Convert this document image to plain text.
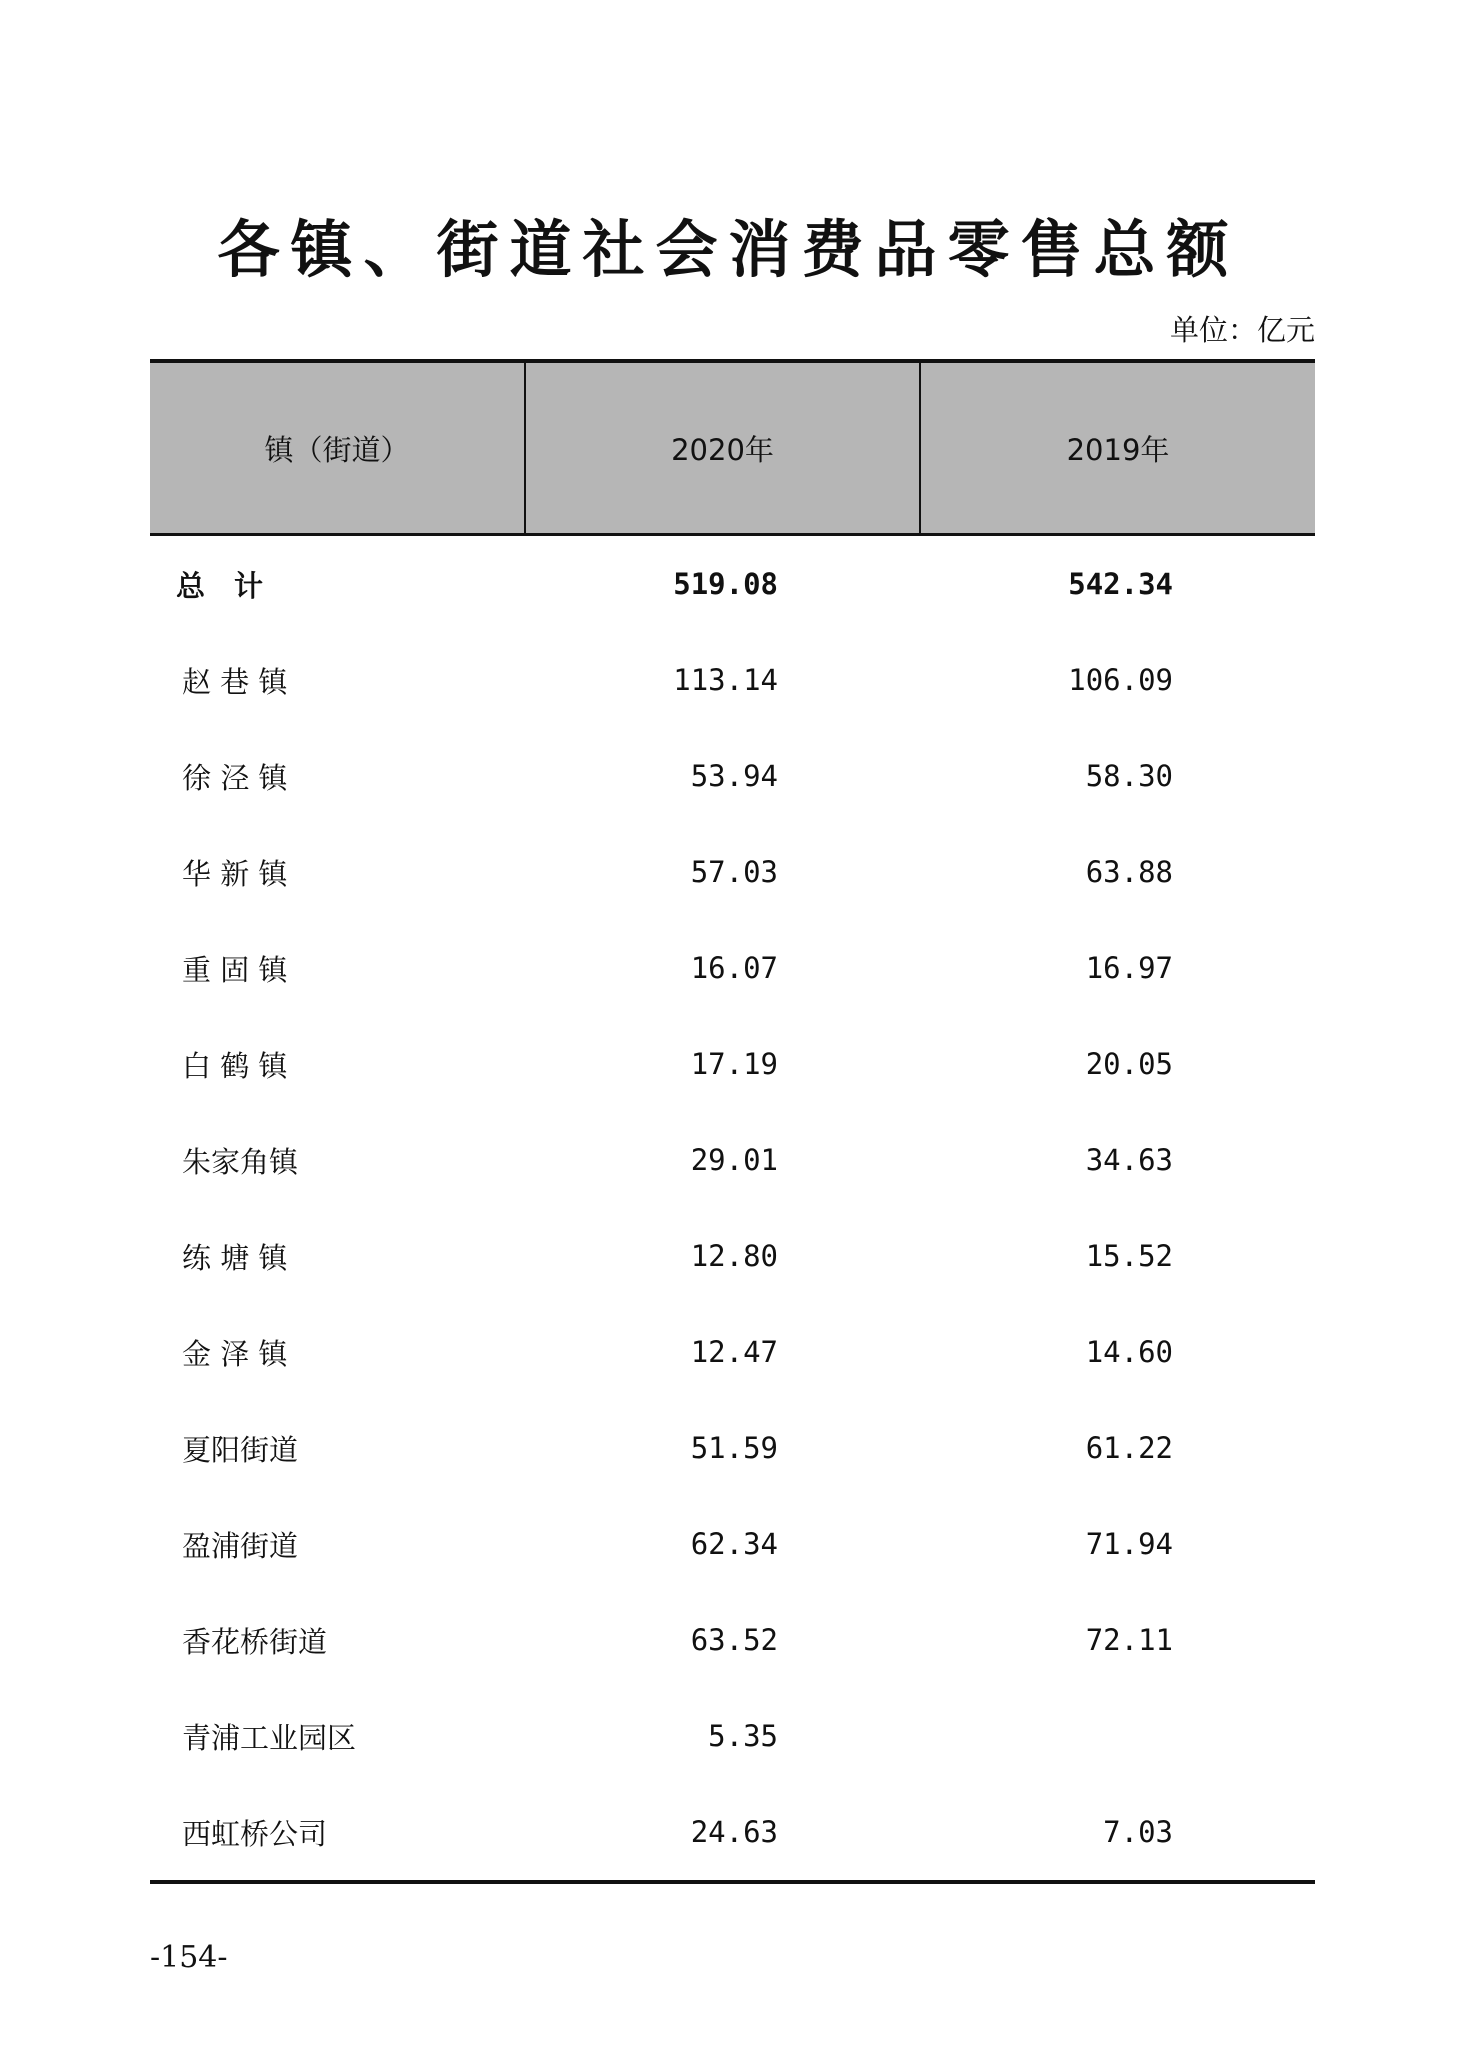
各镇、街道社会消费品零售总额
单位：亿元
镇（街道）	2020年	2019年
总　计	519.08	542.34
赵 巷 镇	113.14	106.09
徐 泾 镇	53.94	58.30
华 新 镇	57.03	63.88
重 固 镇	16.07	16.97
白 鹤 镇	17.19	20.05
朱家角镇	29.01	34.63
练 塘 镇	12.80	15.52
金 泽 镇	12.47	14.60
夏阳街道	51.59	61.22
盈浦街道	62.34	71.94
香花桥街道	63.52	72.11
青浦工业园区	5.35	
西虹桥公司	24.63	7.03
-154-
